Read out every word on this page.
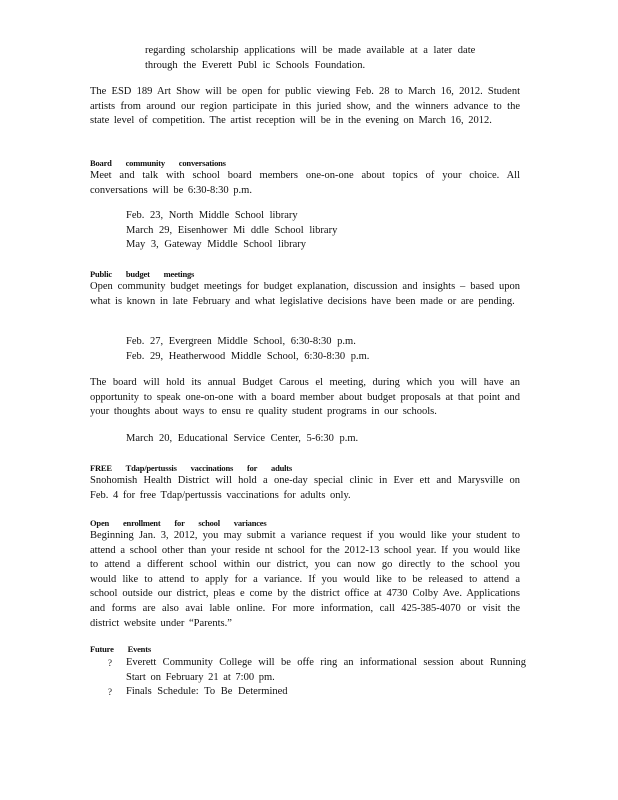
regarding scholarship applications will be made available at a later date
through the Everett Publ ic Schools Foundation.
The ESD 189 Art Show will be open for public viewing Feb. 28 to March 16, 2012. Student artists from around our region participate in this juried show, and the winners advance to the state level of competition. The artist reception will be in the evening on March 16, 2012.
Board community conversations
Meet and talk with school board members one-on-one about topics of your choice. All conversations will be 6:30-8:30 p.m.
Feb. 23, North Middle School library
March 29, Eisenhower Mi ddle School library
May 3, Gateway Middle School library
Public budget meetings
Open community budget meetings for budget explanation, discussion and insights – based upon what is known in late February and what legislative decisions have been made or are pending.
Feb. 27, Evergreen Middle School, 6:30-8:30 p.m.
Feb. 29, Heatherwood Middle School, 6:30-8:30 p.m.
The board will hold its annual Budget Carous el meeting, during which you will have an opportunity to speak one-on-one with a board member about budget proposals at that point and your thoughts about ways to ensu re quality student programs in our schools.
March 20, Educational Service Center, 5-6:30 p.m.
FREE Tdap/pertussis vaccinations for adults
Snohomish Health District will hold a one-day special clinic in Ever ett and Marysville on Feb. 4 for free Tdap/pertussis vaccinations for adults only.
Open enrollment for school variances
Beginning Jan. 3, 2012, you may submit a variance request if you would like your student to attend a school other than your reside nt school for the 2012-13 school year. If you would like to attend a different school within our district, you can now go directly to the school you would like to attend to apply for a variance. If you would like to be released to attend a school outside our district, pleas e come by the district office at 4730 Colby Ave. Applications and forms are also avai lable online. For more information, call 425-385-4070 or visit the district website under “Parents.”
Future Events
?	Everett Community College will be offe ring an informational session about Running Start on February 21 at 7:00 pm.
?	Finals Schedule: To Be Determined
